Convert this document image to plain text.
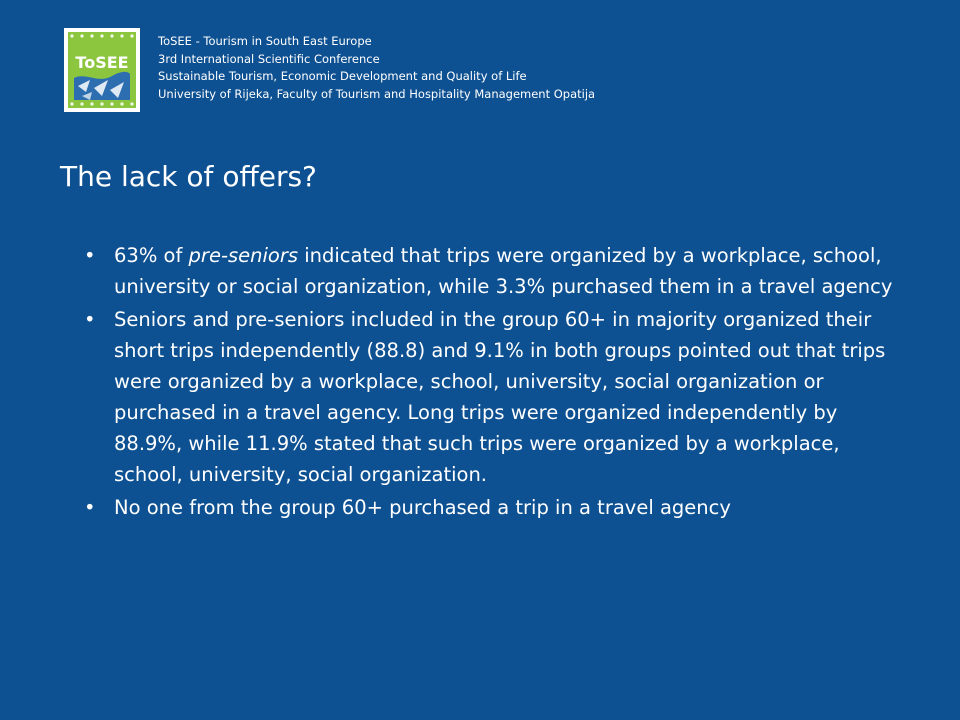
ToSEE
ToSEE - Tourism in South East Europe
3rd International Scientific Conference
Sustainable Tourism, Economic Development and Quality of Life
University of Rijeka, Faculty of Tourism and Hospitality Management Opatija
The lack of offers?
• 63% of pre-seniors indicated that trips were organized by a workplace, school, university or social organization, while 3.3% purchased them in a travel agency
• Seniors and pre-seniors included in the group 60+ in majority organized their short trips independently (88.8) and 9.1% in both groups pointed out that trips were organized by a workplace, school, university, social organization or purchased in a travel agency. Long trips were organized independently by 88.9%, while 11.9% stated that such trips were organized by a workplace, school, university, social organization.
• No one from the group 60+ purchased a trip in a travel agency
